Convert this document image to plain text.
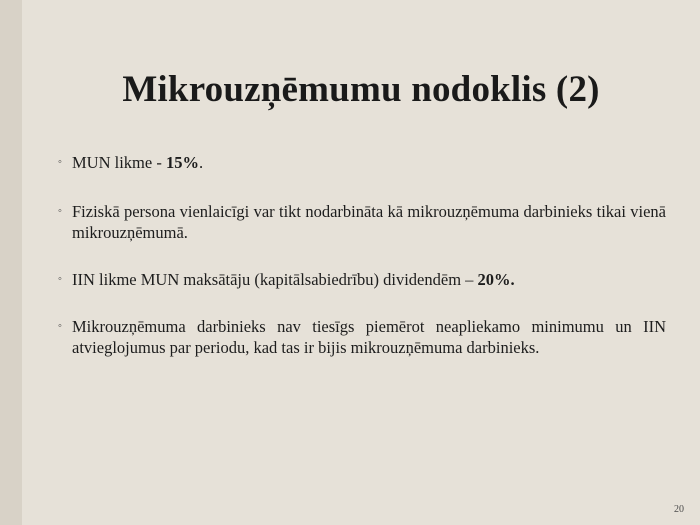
Mikrouzņēmumu nodoklis (2)
◦ MUN likme - 15%.
◦ Fiziskā persona vienlaicīgi var tikt nodarbināta kā mikrouzņēmuma darbinieks tikai vienā mikrouzņēmumā.
◦ IIN likme MUN maksātāju (kapitālsabiedrību) dividendēm – 20%.
◦ Mikrouzņēmuma darbinieks nav tiesīgs piemērot neapliekamo minimumu un IIN atvieglojumus par periodu, kad tas ir bijis mikrouzņēmuma darbinieks.
20
